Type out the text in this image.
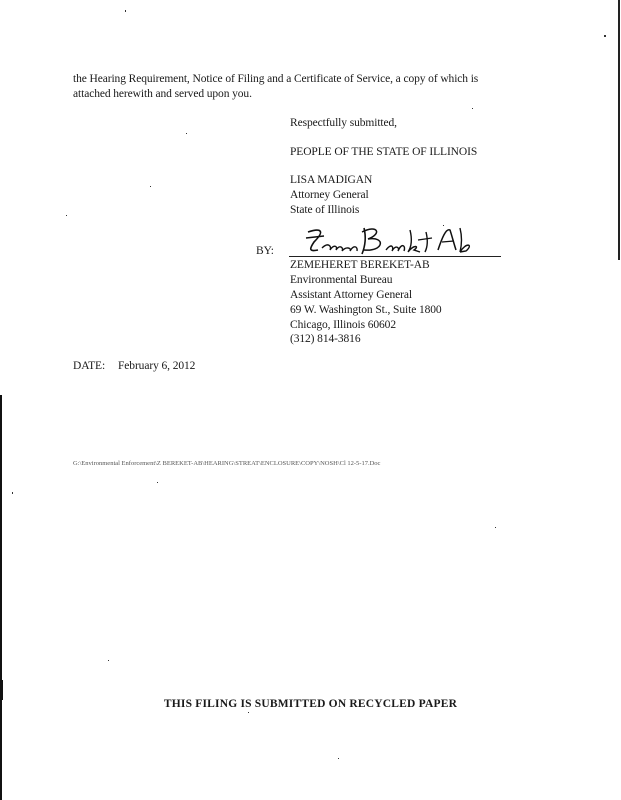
the Hearing Requirement, Notice of Filing and a Certificate of Service, a copy of which is
attached herewith and served upon you.
Respectfully submitted,
PEOPLE OF THE STATE OF ILLINOIS
LISA MADIGAN
Attorney General
State of Illinois
BY:
ZEMEHERET BEREKET-AB
Environmental Bureau
Assistant Attorney General
69 W. Washington St., Suite 1800
Chicago, Illinois 60602
(312) 814-3816
DATE: February 6, 2012
G:\Environmental Enforcement\Z BEREKET-AB\HEARING\STREAT\ENCLOSURE\COPY\NOSH\Cl 12-5-17.Doc
THIS FILING IS SUBMITTED ON RECYCLED PAPER
